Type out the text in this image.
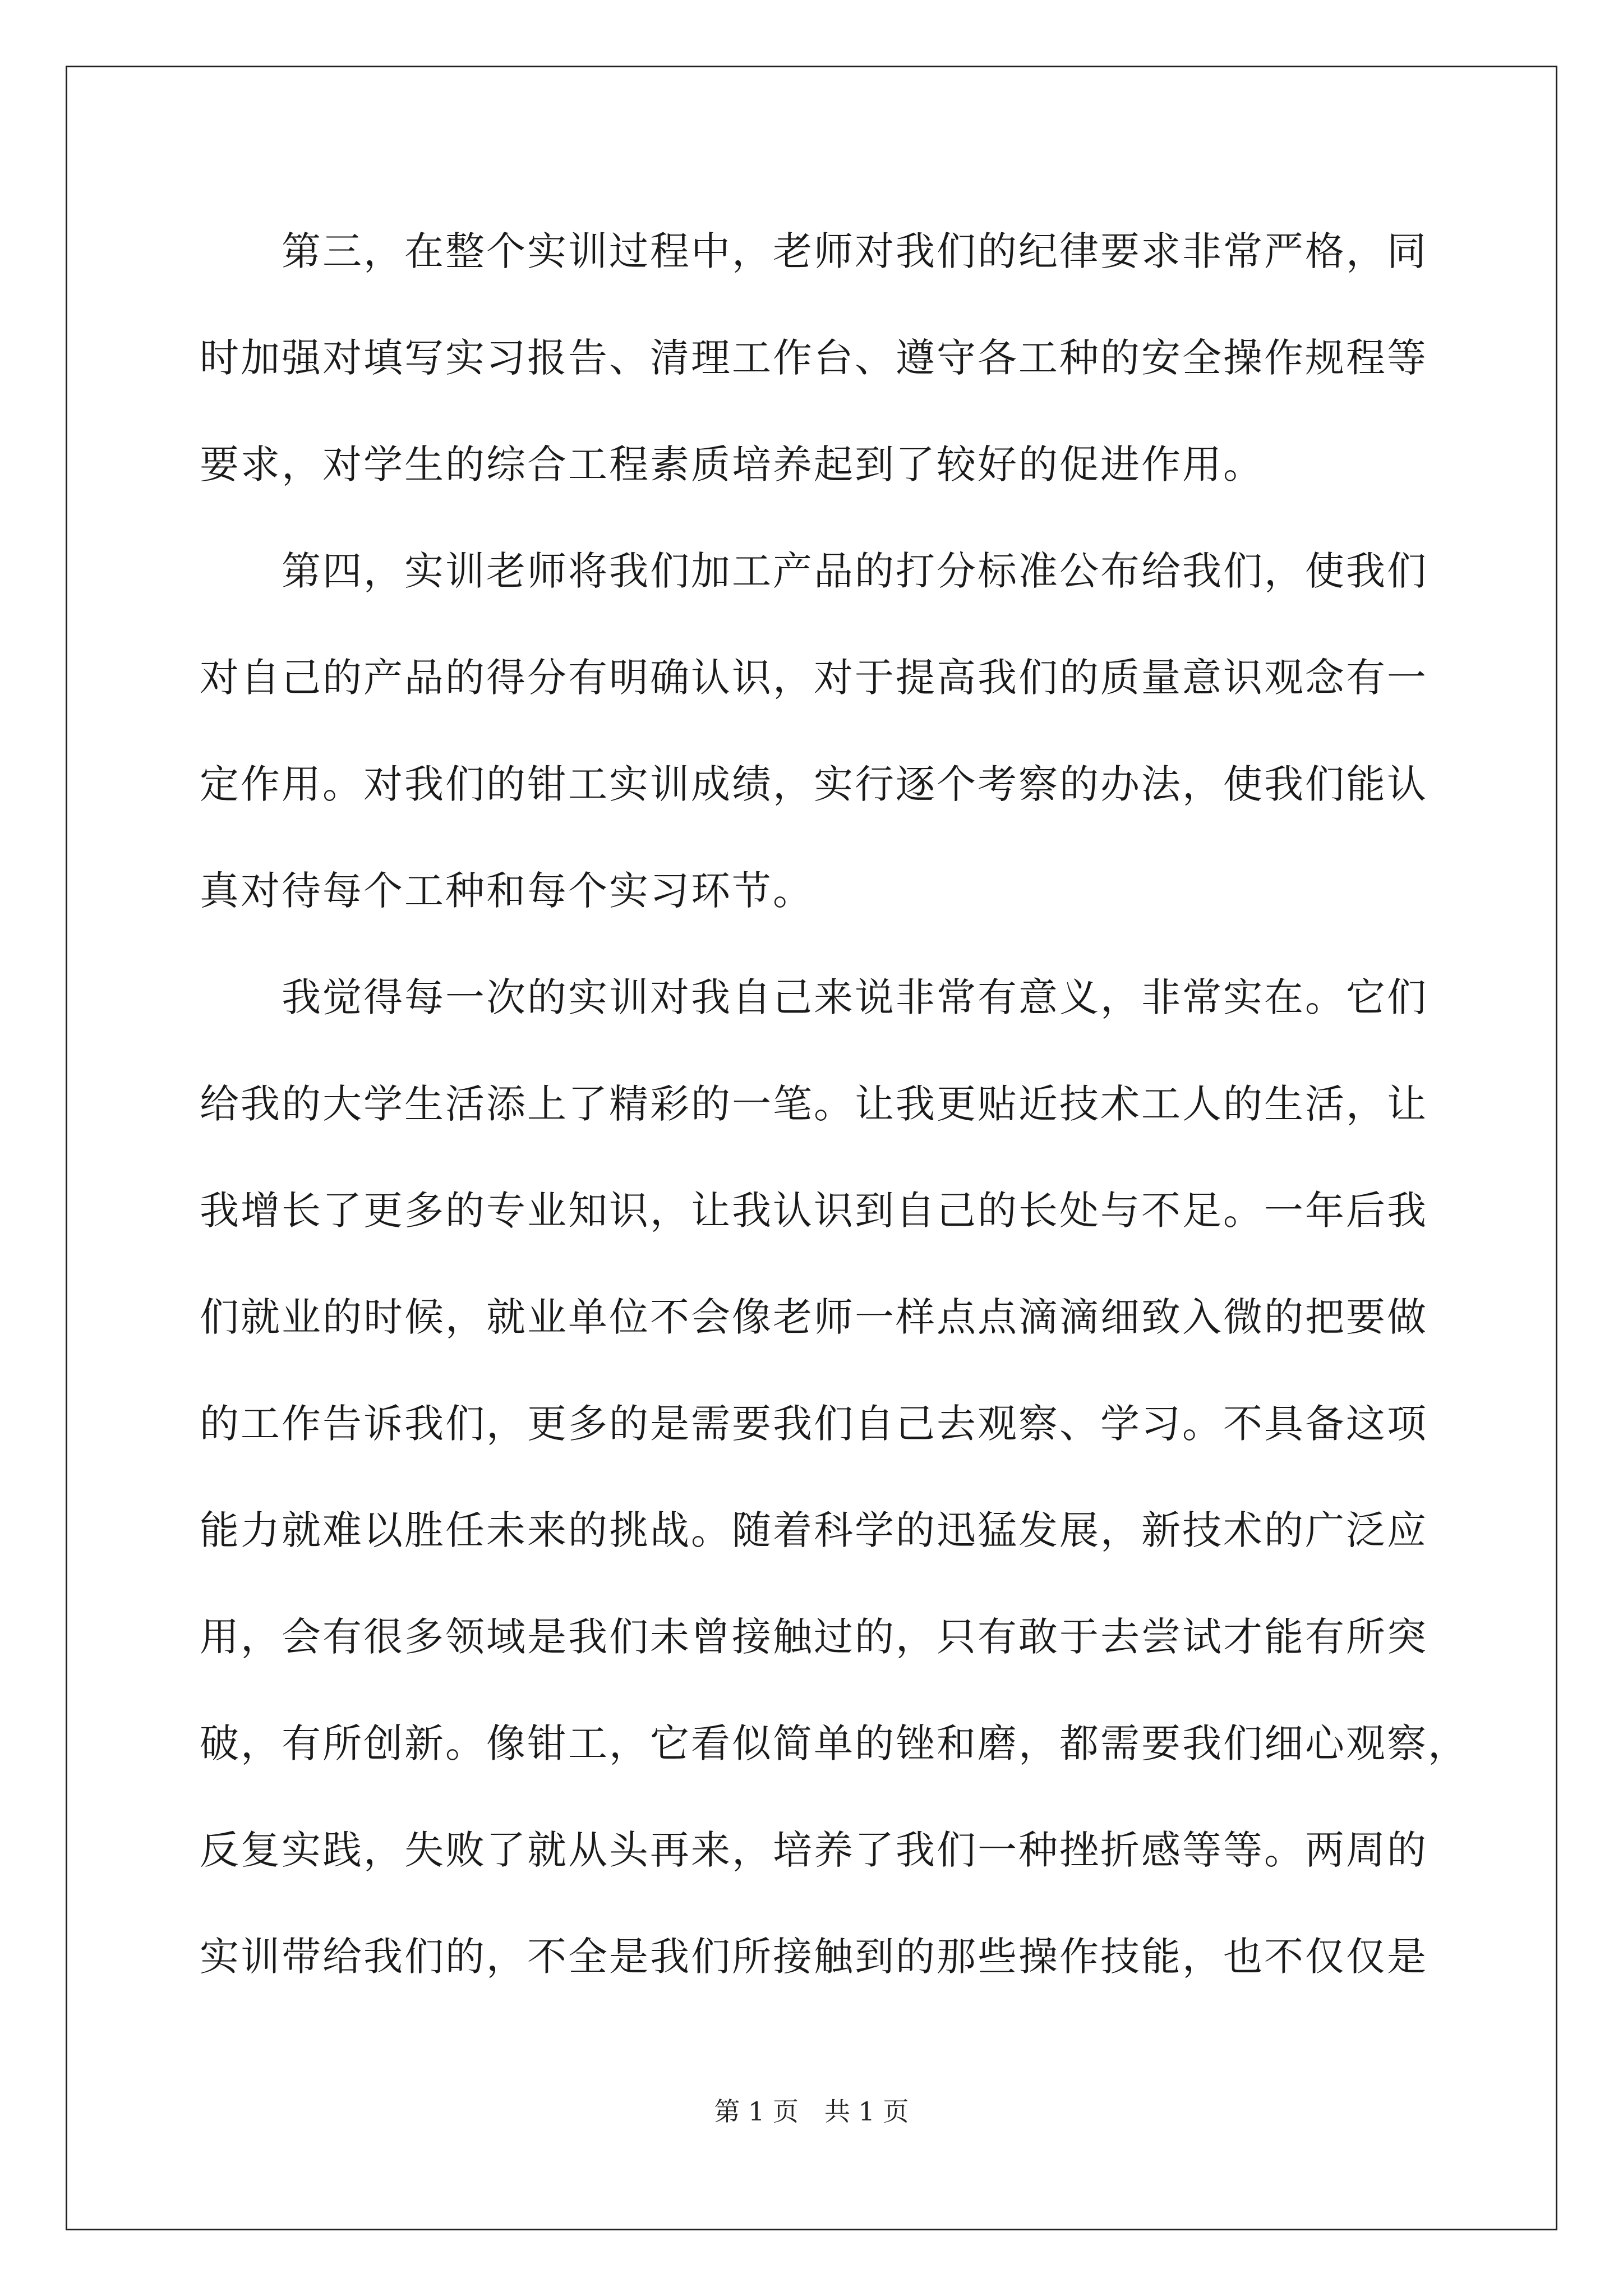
第三，在整个实训过程中，老师对我们的纪律要求非常严格，同
时加强对填写实习报告、清理工作台、遵守各工种的安全操作规程等
要求，对学生的综合工程素质培养起到了较好的促进作用。
第四，实训老师将我们加工产品的打分标准公布给我们，使我们
对自己的产品的得分有明确认识，对于提高我们的质量意识观念有一
定作用。对我们的钳工实训成绩，实行逐个考察的办法，使我们能认
真对待每个工种和每个实习环节。
我觉得每一次的实训对我自己来说非常有意义，非常实在。它们
给我的大学生活添上了精彩的一笔。让我更贴近技术工人的生活，让
我增长了更多的专业知识，让我认识到自己的长处与不足。一年后我
们就业的时候，就业单位不会像老师一样点点滴滴细致入微的把要做
的工作告诉我们，更多的是需要我们自己去观察、学习。不具备这项
能力就难以胜任未来的挑战。随着科学的迅猛发展，新技术的广泛应
用，会有很多领域是我们未曾接触过的，只有敢于去尝试才能有所突
破，有所创新。像钳工，它看似简单的锉和磨，都需要我们细心观察，
反复实践，失败了就从头再来，培养了我们一种挫折感等等。两周的
实训带给我们的，不全是我们所接触到的那些操作技能，也不仅仅是
第 1 页　共 1 页
